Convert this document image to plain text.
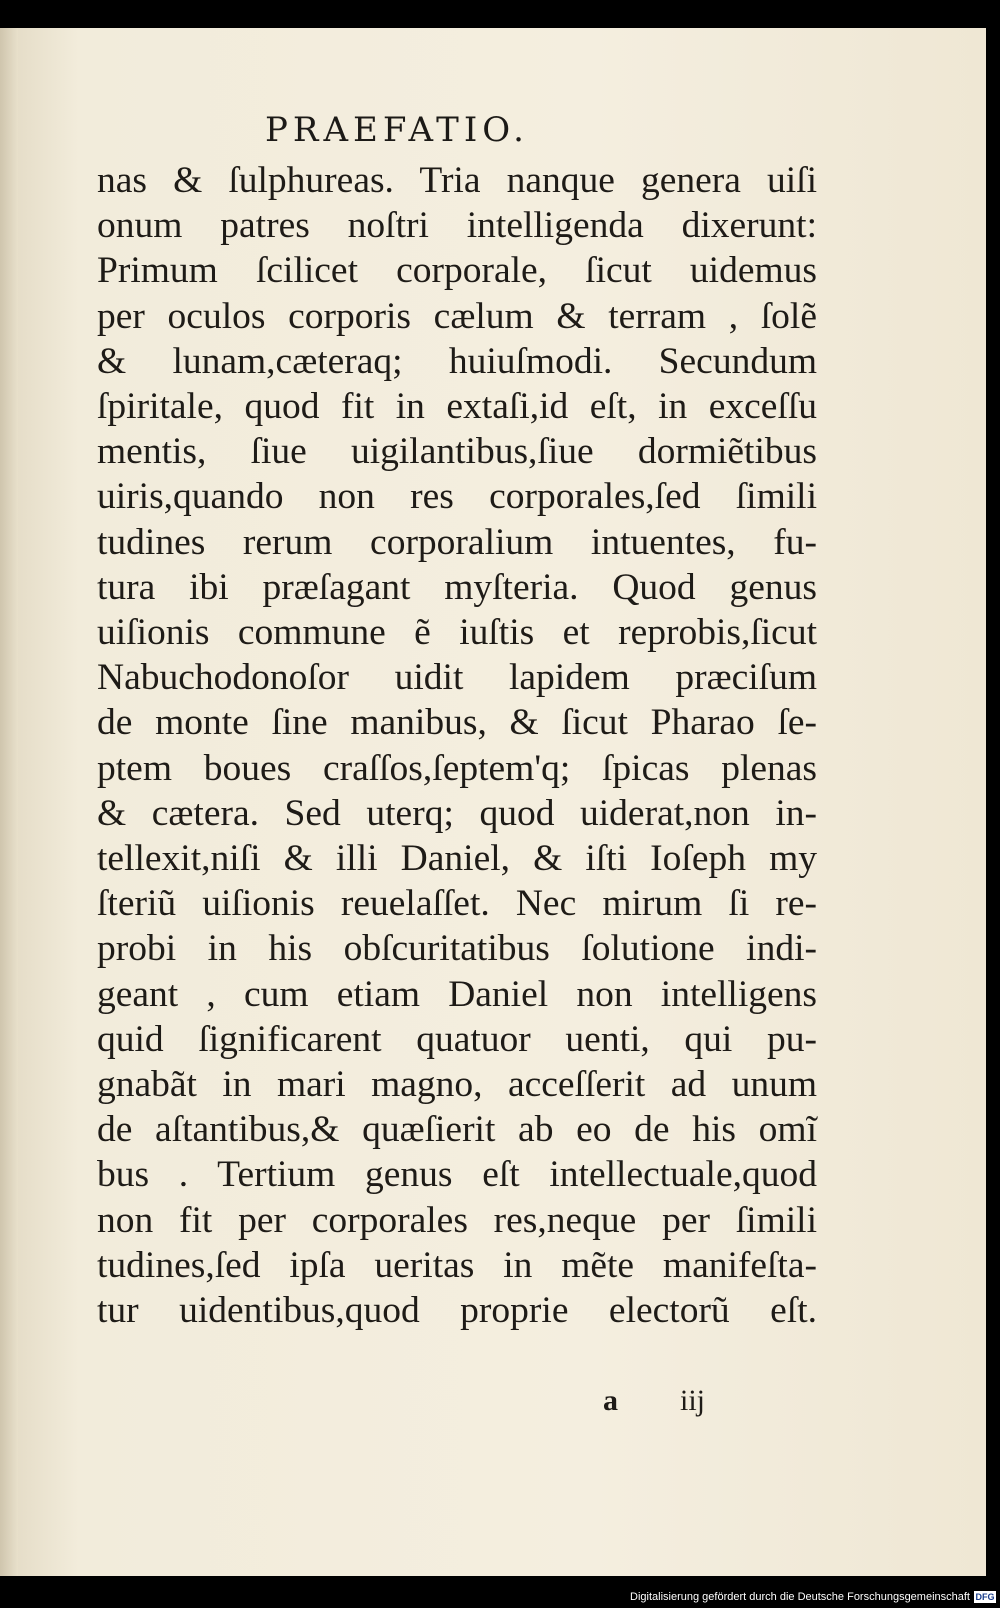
PRAEFATIO.
nas & ſulphureas. Tria nanque genera uiſi
onum patres noſtri intelligenda dixerunt:
Primum ſcilicet corporale, ſicut uidemus
per oculos corporis cælum & terram , ſolẽ
& lunam,cæteraq; huiuſmodi. Secundum
ſpiritale, quod fit in extaſi,id eſt, in exceſſu
mentis, ſiue uigilantibus,ſiue dormiẽtibus
uiris,quando non res corporales,ſed ſimili
tudines rerum corporalium intuentes, fu-
tura ibi præſagant myſteria. Quod genus
uiſionis commune ẽ iuſtis et reprobis,ſicut
Nabuchodonoſor uidit lapidem præciſum
de monte ſine manibus, & ſicut Pharao ſe-
ptem boues craſſos,ſeptem'q; ſpicas plenas
& cætera. Sed uterq; quod uiderat,non in-
tellexit,niſi & illi Daniel, & iſti Ioſeph my
ſteriũ uiſionis reuelaſſet. Nec mirum ſi re-
probi in his obſcuritatibus ſolutione indi-
geant , cum etiam Daniel non intelligens
quid ſignificarent quatuor uenti, qui pu-
gnabãt in mari magno, acceſſerit ad unum
de aſtantibus,& quæſierit ab eo de his omĩ
bus . Tertium genus eſt intellectuale,quod
non fit per corporales res,neque per ſimili
tudines,ſed ipſa ueritas in mẽte manifeſta-
tur uidentibus,quod proprie electorũ eſt.
a iij
Digitalisierung gefördert durch die Deutsche Forschungsgemeinschaft DFG
